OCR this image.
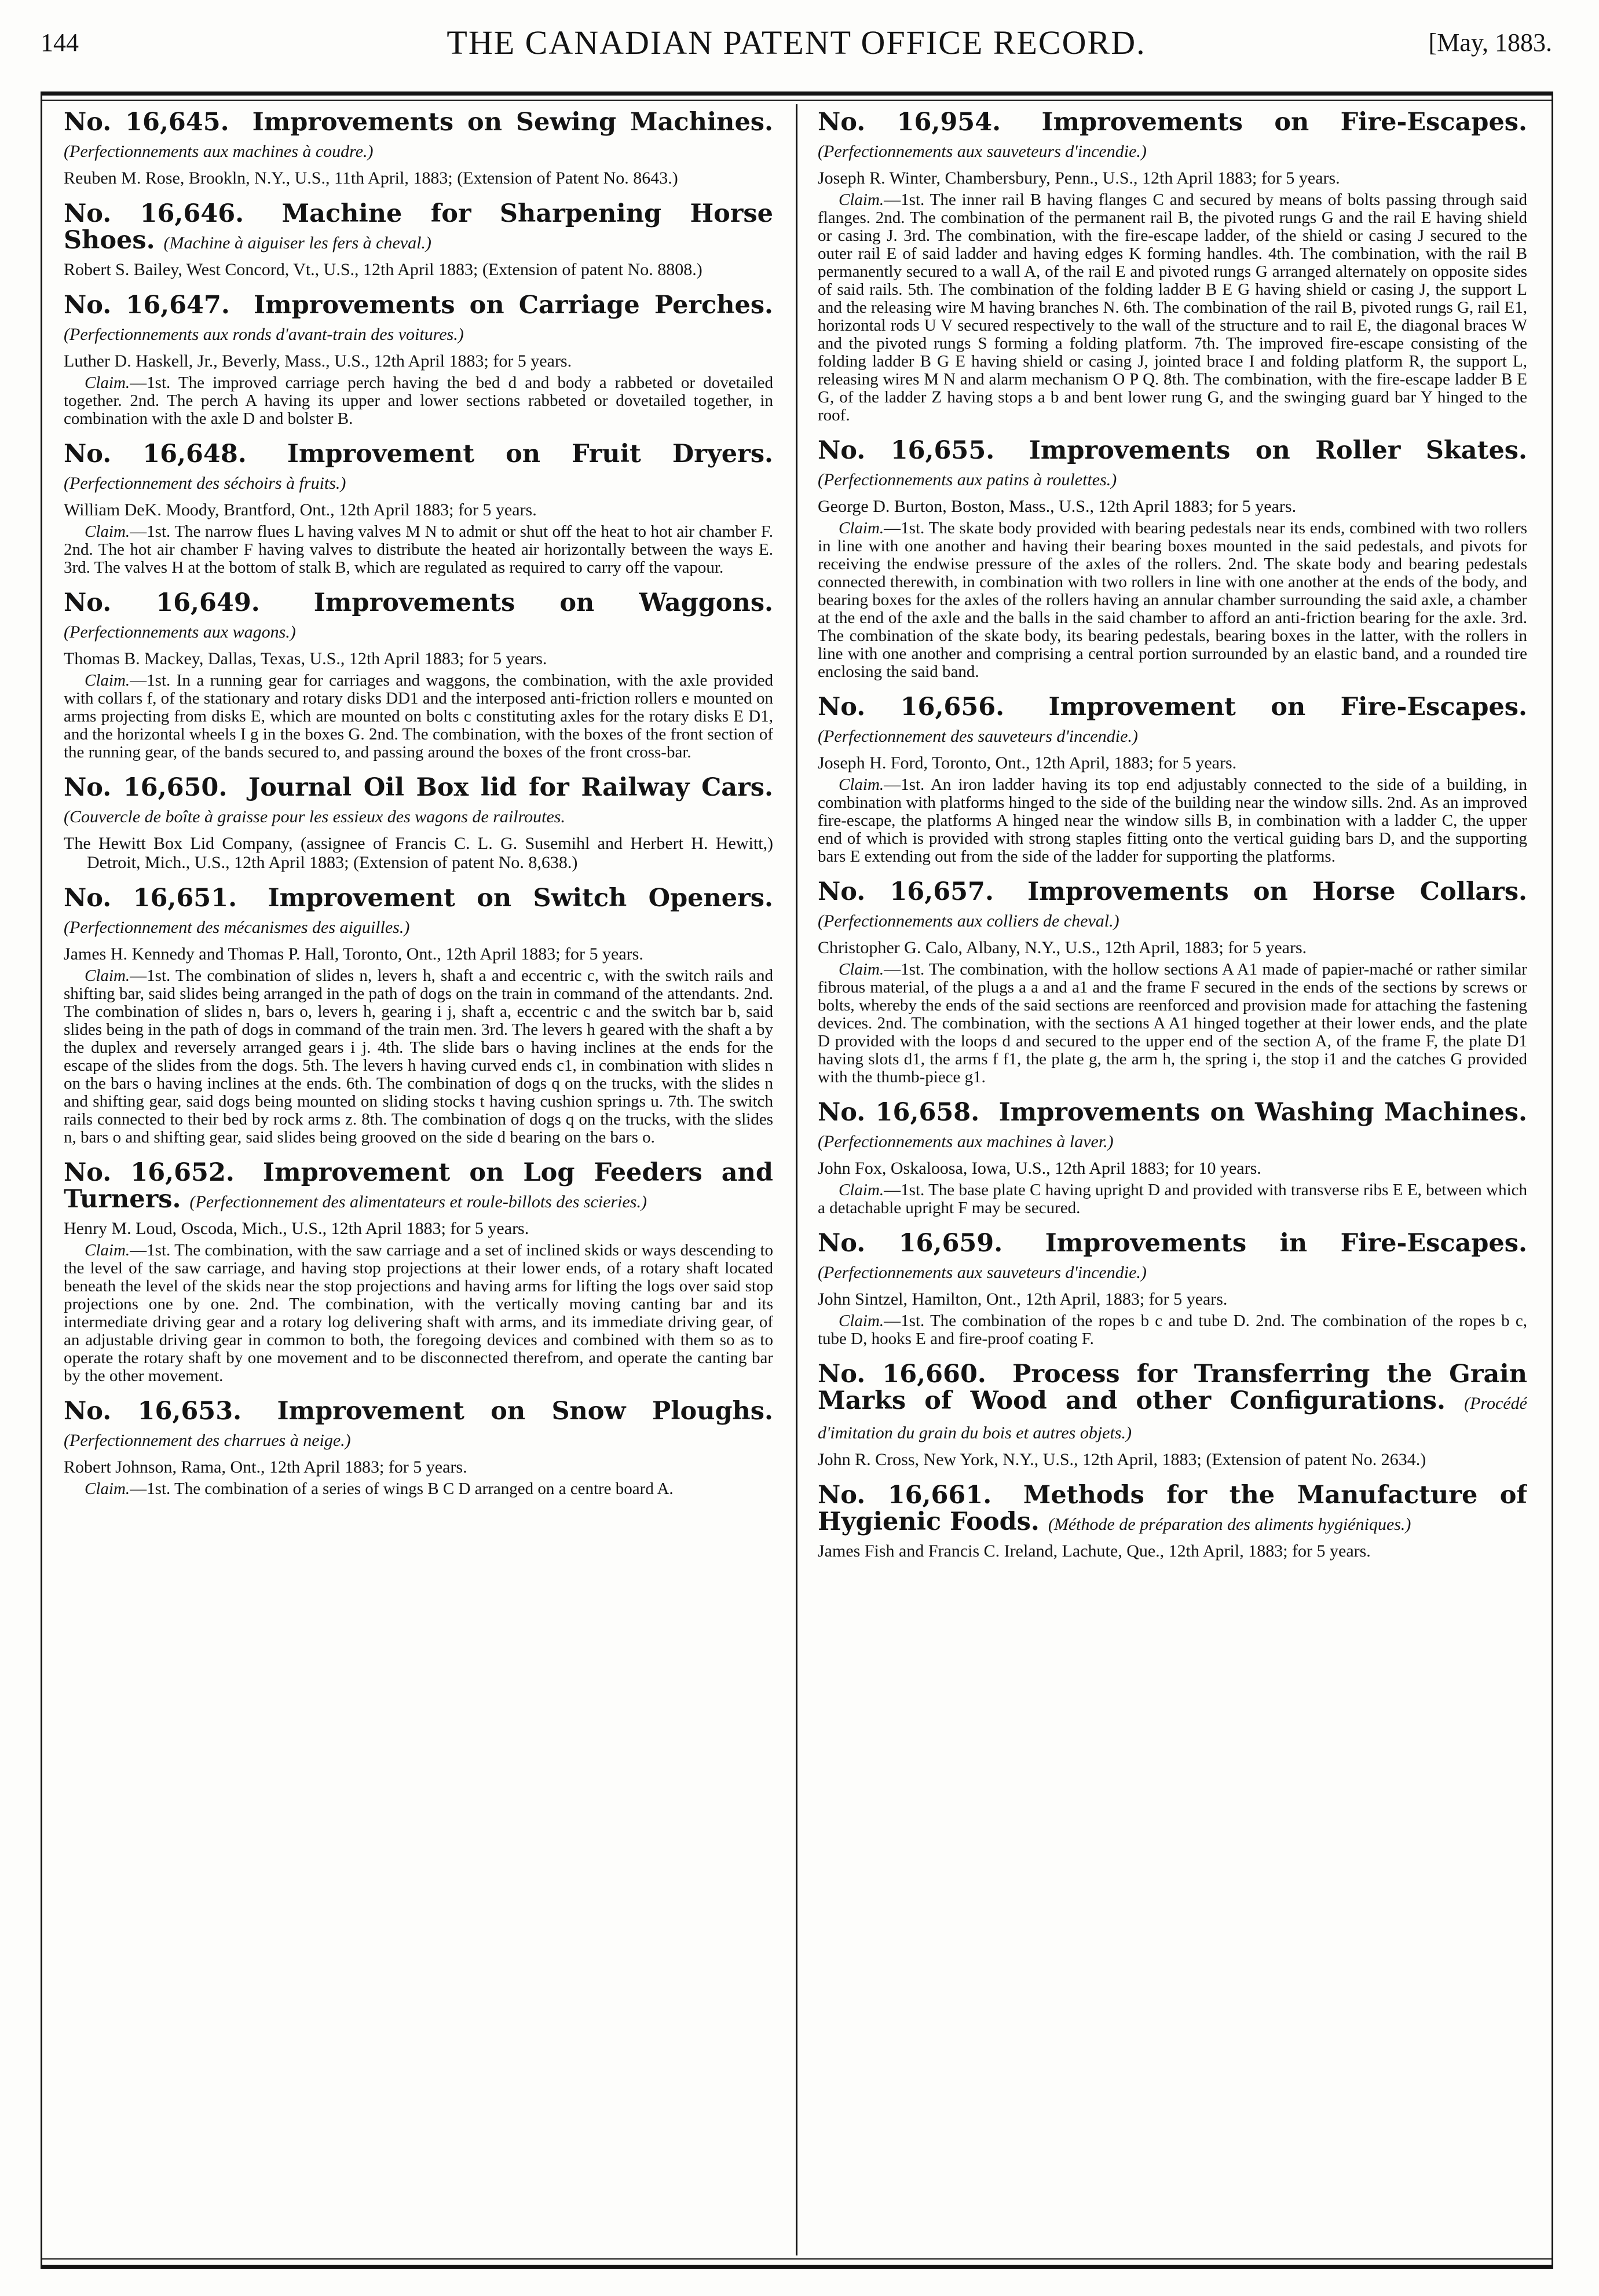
144	THE CANADIAN PATENT OFFICE RECORD.	[May, 1883.
No. 16,645. Improvements on Sewing Machines. (Perfectionnements aux machines à coudre.)

Reuben M. Rose, Brookln, N.Y., U.S., 11th April, 1883; (Extension of Patent No. 8643.)

No. 16,646. Machine for Sharpening Horse Shoes. (Machine à aiguiser les fers à cheval.)

Robert S. Bailey, West Concord, Vt., U.S., 12th April 1883; (Extension of patent No. 8808.)

No. 16,647. Improvements on Carriage Perches. (Perfectionnements aux ronds d'avant-train des voitures.)

Luther D. Haskell, Jr., Beverly, Mass., U.S., 12th April 1883; for 5 years.

Claim.—1st. The improved carriage perch having the bed d and body a rabbeted or dovetailed together. 2nd. The perch A having its upper and lower sections rabbeted or dovetailed together, in combination with the axle D and bolster B.

No. 16,648. Improvement on Fruit Dryers. (Perfectionnement des séchoirs à fruits.)

William DeK. Moody, Brantford, Ont., 12th April 1883; for 5 years.

Claim.—1st. The narrow flues L having valves M N to admit or shut off the heat to hot air chamber F. 2nd. The hot air chamber F having valves to distribute the heated air horizontally between the ways E. 3rd. The valves H at the bottom of stalk B, which are regulated as required to carry off the vapour.

No. 16,649. Improvements on Waggons. (Perfectionnements aux wagons.)

Thomas B. Mackey, Dallas, Texas, U.S., 12th April 1883; for 5 years.

Claim.—1st. In a running gear for carriages and waggons, the combination, with the axle provided with collars f, of the stationary and rotary disks DD1 and the interposed anti-friction rollers e mounted on arms projecting from disks E, which are mounted on bolts c constituting axles for the rotary disks E D1, and the horizontal wheels I g in the boxes G. 2nd. The combination, with the boxes of the front section of the running gear, of the bands secured to, and passing around the boxes of the front cross-bar.

No. 16,650. Journal Oil Box lid for Railway Cars. (Couvercle de boîte à graisse pour les essieux des wagons de railroutes.

The Hewitt Box Lid Company, (assignee of Francis C. L. G. Susemihl and Herbert H. Hewitt,) Detroit, Mich., U.S., 12th April 1883; (Extension of patent No. 8,638.)

No. 16,651. Improvement on Switch Openers. (Perfectionnement des mécanismes des aiguilles.)

James H. Kennedy and Thomas P. Hall, Toronto, Ont., 12th April 1883; for 5 years.

Claim.—1st. The combination of slides n, levers h, shaft a and eccentric c, with the switch rails and shifting bar, said slides being arranged in the path of dogs on the train in command of the attendants. 2nd. The combination of slides n, bars o, levers h, gearing i j, shaft a, eccentric c and the switch bar b, said slides being in the path of dogs in command of the train men. 3rd. The levers h geared with the shaft a by the duplex and reversely arranged gears i j. 4th. The slide bars o having inclines at the ends for the escape of the slides from the dogs. 5th. The levers h having curved ends c1, in combination with slides n on the bars o having inclines at the ends. 6th. The combination of dogs q on the trucks, with the slides n and shifting gear, said dogs being mounted on sliding stocks t having cushion springs u. 7th. The switch rails connected to their bed by rock arms z. 8th. The combination of dogs q on the trucks, with the slides n, bars o and shifting gear, said slides being grooved on the side d bearing on the bars o.

No. 16,652. Improvement on Log Feeders and Turners. (Perfectionnement des alimentateurs et roule-billots des scieries.)

Henry M. Loud, Oscoda, Mich., U.S., 12th April 1883; for 5 years.

Claim.—1st. The combination, with the saw carriage and a set of inclined skids or ways descending to the level of the saw carriage, and having stop projections at their lower ends, of a rotary shaft located beneath the level of the skids near the stop projections and having arms for lifting the logs over said stop projections one by one. 2nd. The combination, with the vertically moving canting bar and its intermediate driving gear and a rotary log delivering shaft with arms, and its immediate driving gear, of an adjustable driving gear in common to both, the foregoing devices and combined with them so as to operate the rotary shaft by one movement and to be disconnected therefrom, and operate the canting bar by the other movement.

No. 16,653. Improvement on Snow Ploughs. (Perfectionnement des charrues à neige.)

Robert Johnson, Rama, Ont., 12th April 1883; for 5 years.

Claim.—1st. The combination of a series of wings B C D arranged on a centre board A.

No. 16,954. Improvements on Fire-Escapes. (Perfectionnements aux sauveteurs d'incendie.)

Joseph R. Winter, Chambersbury, Penn., U.S., 12th April 1883; for 5 years.

Claim.—1st. The inner rail B having flanges C and secured by means of bolts passing through said flanges. 2nd. The combination of the permanent rail B, the pivoted rungs G and the rail E having shield or casing J. 3rd. The combination, with the fire-escape ladder, of the shield or casing J secured to the outer rail E of said ladder and having edges K forming handles. 4th. The combination, with the rail B permanently secured to a wall A, of the rail E and pivoted rungs G arranged alternately on opposite sides of said rails. 5th. The combination of the folding ladder B E G having shield or casing J, the support L and the releasing wire M having branches N. 6th. The combination of the rail B, pivoted rungs G, rail E1, horizontal rods U V secured respectively to the wall of the structure and to rail E, the diagonal braces W and the pivoted rungs S forming a folding platform. 7th. The improved fire-escape consisting of the folding ladder B G E having shield or casing J, jointed brace I and folding platform R, the support L, releasing wires M N and alarm mechanism O P Q. 8th. The combination, with the fire-escape ladder B E G, of the ladder Z having stops a b and bent lower rung G, and the swinging guard bar Y hinged to the roof.

No. 16,655. Improvements on Roller Skates. (Perfectionnements aux patins à roulettes.)

George D. Burton, Boston, Mass., U.S., 12th April 1883; for 5 years.

Claim.—1st. The skate body provided with bearing pedestals near its ends, combined with two rollers in line with one another and having their bearing boxes mounted in the said pedestals, and pivots for receiving the endwise pressure of the axles of the rollers. 2nd. The skate body and bearing pedestals connected therewith, in combination with two rollers in line with one another at the ends of the body, and bearing boxes for the axles of the rollers having an annular chamber surrounding the said axle, a chamber at the end of the axle and the balls in the said chamber to afford an anti-friction bearing for the axle. 3rd. The combination of the skate body, its bearing pedestals, bearing boxes in the latter, with the rollers in line with one another and comprising a central portion surrounded by an elastic band, and a rounded tire enclosing the said band.

No. 16,656. Improvement on Fire-Escapes. (Perfectionnement des sauveteurs d'incendie.)

Joseph H. Ford, Toronto, Ont., 12th April, 1883; for 5 years.

Claim.—1st. An iron ladder having its top end adjustably connected to the side of a building, in combination with platforms hinged to the side of the building near the window sills. 2nd. As an improved fire-escape, the platforms A hinged near the window sills B, in combination with a ladder C, the upper end of which is provided with strong staples fitting onto the vertical guiding bars D, and the supporting bars E extending out from the side of the ladder for supporting the platforms.

No. 16,657. Improvements on Horse Collars. (Perfectionnements aux colliers de cheval.)

Christopher G. Calo, Albany, N.Y., U.S., 12th April, 1883; for 5 years.

Claim.—1st. The combination, with the hollow sections A A1 made of papier-maché or rather similar fibrous material, of the plugs a a and a1 and the frame F secured in the ends of the sections by screws or bolts, whereby the ends of the said sections are reenforced and provision made for attaching the fastening devices. 2nd. The combination, with the sections A A1 hinged together at their lower ends, and the plate D provided with the loops d and secured to the upper end of the section A, of the frame F, the plate D1 having slots d1, the arms f f1, the plate g, the arm h, the spring i, the stop i1 and the catches G provided with the thumb-piece g1.

No. 16,658. Improvements on Washing Machines. (Perfectionnements aux machines à laver.)

John Fox, Oskaloosa, Iowa, U.S., 12th April 1883; for 10 years.

Claim.—1st. The base plate C having upright D and provided with transverse ribs E E, between which a detachable upright F may be secured.

No. 16,659. Improvements in Fire-Escapes. (Perfectionnements aux sauveteurs d'incendie.)

John Sintzel, Hamilton, Ont., 12th April, 1883; for 5 years.

Claim.—1st. The combination of the ropes b c and tube D. 2nd. The combination of the ropes b c, tube D, hooks E and fire-proof coating F.

No. 16,660. Process for Transferring the Grain Marks of Wood and other Configurations. (Procédé d'imitation du grain du bois et autres objets.)

John R. Cross, New York, N.Y., U.S., 12th April, 1883; (Extension of patent No. 2634.)

No. 16,661. Methods for the Manufacture of Hygienic Foods. (Méthode de préparation des aliments hygiéniques.)

James Fish and Francis C. Ireland, Lachute, Que., 12th April, 1883; for 5 years.
